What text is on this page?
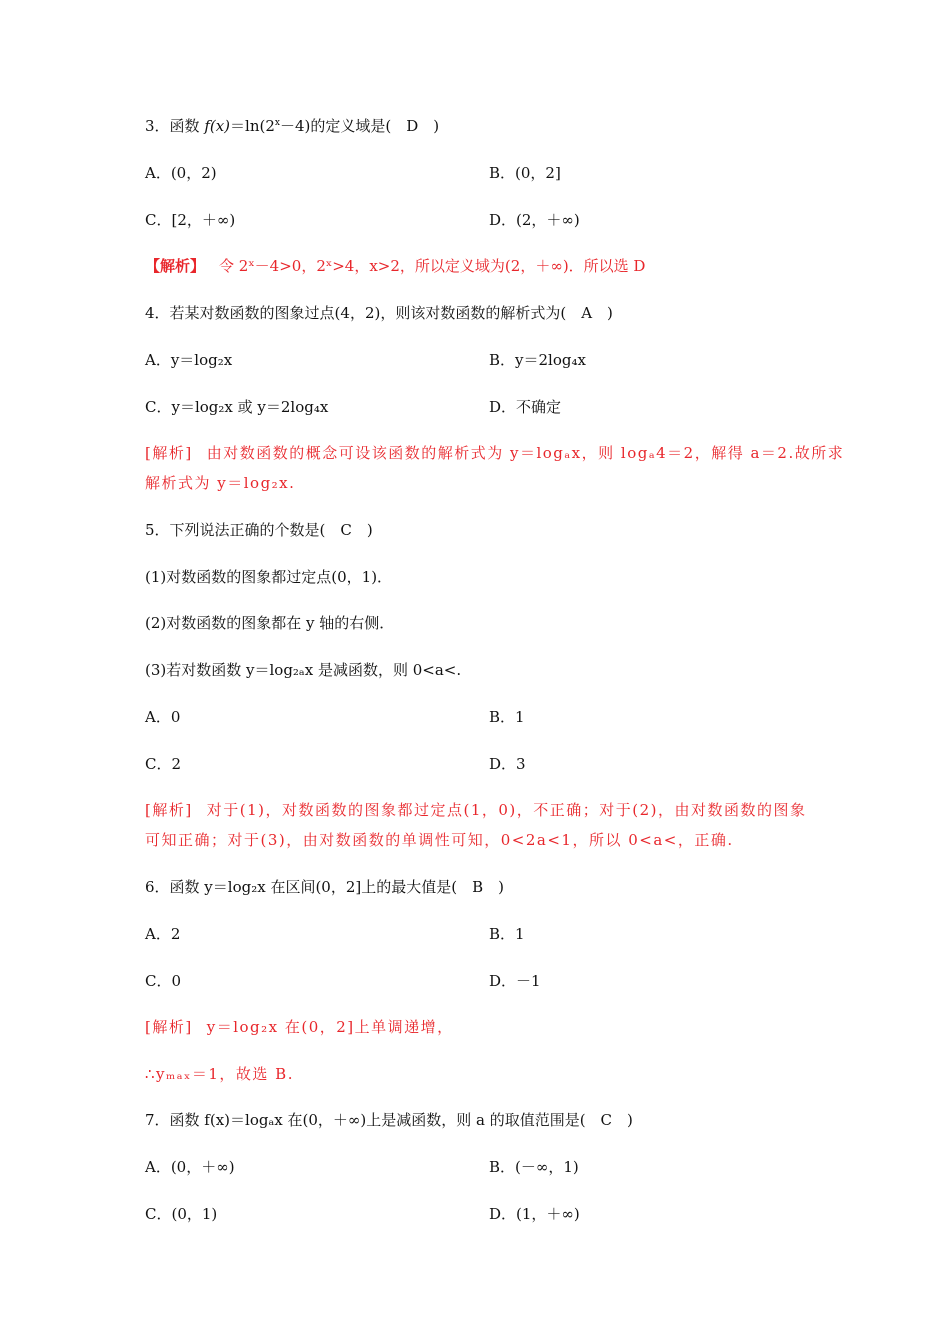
3．函数 $f(x)=\ln(2^x-4)$的定义域是(　D　)
A．(0，2)	B．(0，2]
C．[2，＋∞)	D．(2，＋∞)
【解析】 令 2ˣ－4>0，2ˣ>4，x>2，所以定义域为(2，＋∞)．所以选 D
4．若某对数函数的图象过点(4，2)，则该对数函数的解析式为(　A　)
A．y＝log₂x	B．y＝2log₄x
C．y＝log₂x 或 y＝2log₄x	D．不确定
[解析] 由对数函数的概念可设该函数的解析式为 y＝logₐx，则 logₐ4＝2，解得 a＝2.故所求
解析式为 y＝log₂x.
5．下列说法正确的个数是(　C　)
(1)对数函数的图象都过定点(0，1)．
(2)对数函数的图象都在 y 轴的右侧．
(3)若对数函数 y＝log₂ₐx 是减函数，则 0<a<.
A．0	B．1
C．2	D．3
[解析] 对于(1)，对数函数的图象都过定点(1，0)，不正确；对于(2)，由对数函数的图象
可知正确；对于(3)，由对数函数的单调性可知，0<2a<1，所以 0<a<，正确.
6．函数 y＝log₂x 在区间(0，2]上的最大值是(　B　)
A．2	B．1
C．0	D．－1
[解析] y＝log₂x 在(0，2]上单调递增，
∴yₘₐₓ＝1，故选 B.
7．函数 f(x)＝logₐx 在(0，＋∞)上是减函数，则 a 的取值范围是(　C　)
A．(0，＋∞)	B．(－∞，1)
C．(0，1)	D．(1，＋∞)
